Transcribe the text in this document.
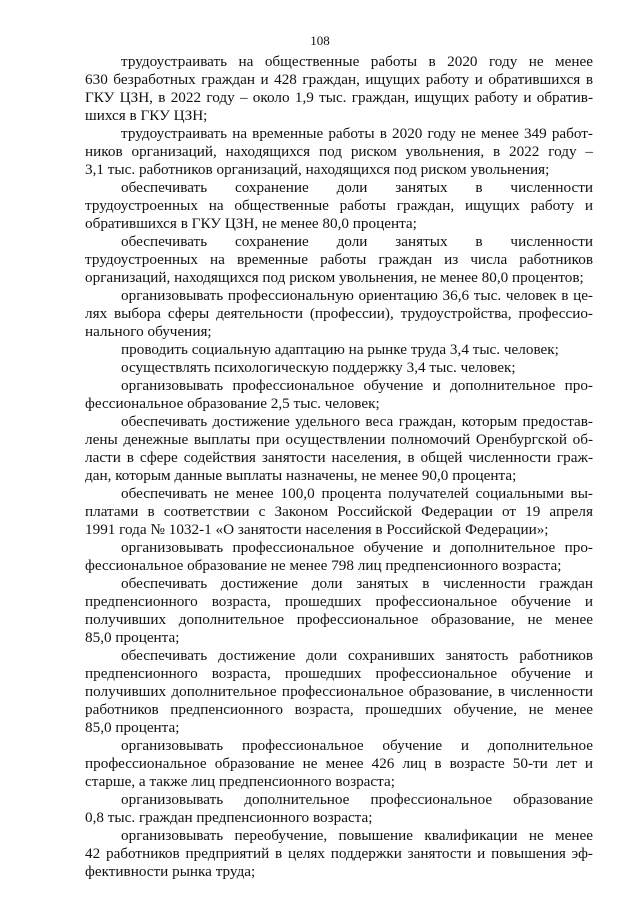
108
трудоустраивать на общественные работы в 2020 году не менее
630 безработных граждан и 428 граждан, ищущих работу и обратившихся в
ГКУ ЦЗН, в 2022 году – около 1,9 тыс. граждан, ищущих работу и обратив-
шихся в ГКУ ЦЗН;
трудоустраивать на временные работы в 2020 году не менее 349 работ-
ников организаций, находящихся под риском увольнения, в 2022 году –
3,1 тыс. работников организаций, находящихся под риском увольнения;
обеспечивать сохранение доли занятых в численности
трудоустроенных на общественные работы граждан, ищущих работу и
обратившихся в ГКУ ЦЗН, не менее 80,0 процента;
обеспечивать сохранение доли занятых в численности
трудоустроенных на временные работы граждан из числа работников
организаций, находящихся под риском увольнения, не менее 80,0 процентов;
организовывать профессиональную ориентацию 36,6 тыс. человек в це-
лях выбора сферы деятельности (профессии), трудоустройства, профессио-
нального обучения;
проводить социальную адаптацию на рынке труда 3,4 тыс. человек;
осуществлять психологическую поддержку 3,4 тыс. человек;
организовывать профессиональное обучение и дополнительное про-
фессиональное образование 2,5 тыс. человек;
обеспечивать достижение удельного веса граждан, которым предостав-
лены денежные выплаты при осуществлении полномочий Оренбургской об-
ласти в сфере содействия занятости населения, в общей численности граж-
дан, которым данные выплаты назначены, не менее 90,0 процента;
обеспечивать не менее 100,0 процента получателей социальными вы-
платами в соответствии с Законом Российской Федерации от 19 апреля
1991 года № 1032-1 «О занятости населения в Российской Федерации»;
организовывать профессиональное обучение и дополнительное про-
фессиональное образование не менее 798 лиц предпенсионного возраста;
обеспечивать достижение доли занятых в численности граждан
предпенсионного возраста, прошедших профессиональное обучение и
получивших дополнительное профессиональное образование, не менее
85,0 процента;
обеспечивать достижение доли сохранивших занятость работников
предпенсионного возраста, прошедших профессиональное обучение и
получивших дополнительное профессиональное образование, в численности
работников предпенсионного возраста, прошедших обучение, не менее
85,0 процента;
организовывать профессиональное обучение и дополнительное
профессиональное образование не менее 426 лиц в возрасте 50-ти лет и
старше, а также лиц предпенсионного возраста;
организовывать дополнительное профессиональное образование
0,8 тыс. граждан предпенсионного возраста;
организовывать переобучение, повышение квалификации не менее
42 работников предприятий в целях поддержки занятости и повышения эф-
фективности рынка труда;
